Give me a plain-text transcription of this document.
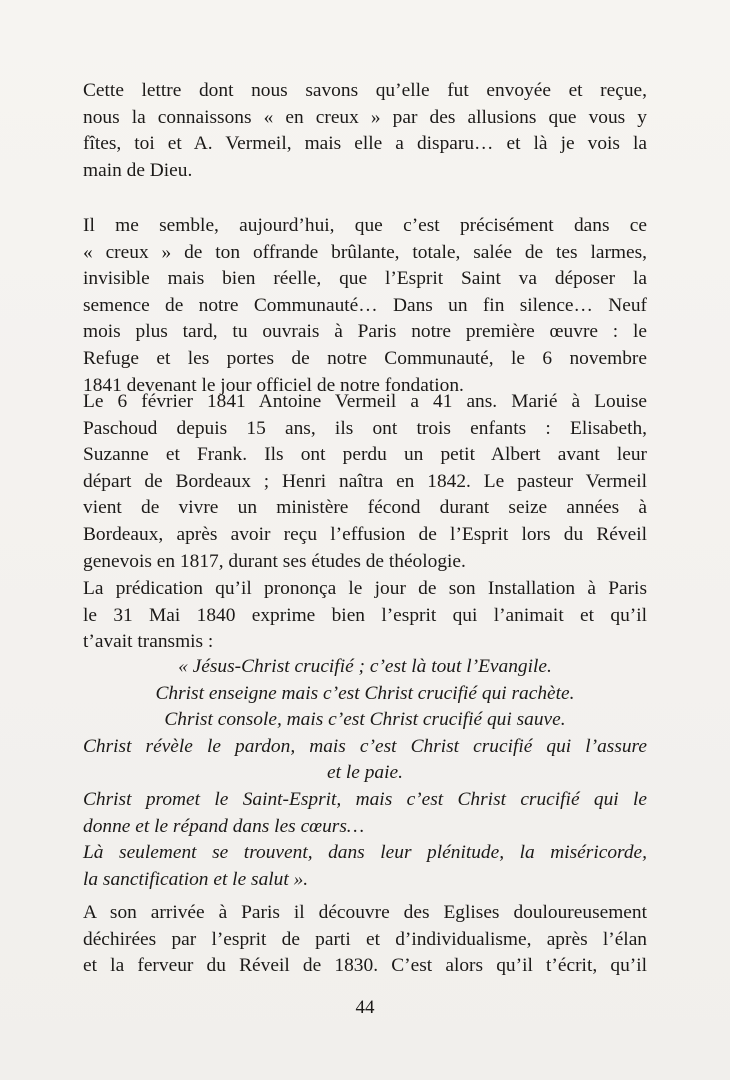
Cette lettre dont nous savons qu’elle fut envoyée et reçue,
nous la connaissons « en creux » par des allusions que vous y
fîtes, toi et A. Vermeil, mais elle a disparu… et là je vois la
main de Dieu.
Il me semble, aujourd’hui, que c’est précisément dans ce
« creux » de ton offrande brûlante, totale, salée de tes larmes,
invisible mais bien réelle, que l’Esprit Saint va déposer la
semence de notre Communauté… Dans un fin silence… Neuf
mois plus tard, tu ouvrais à Paris notre première œuvre : le
Refuge et les portes de notre Communauté, le 6 novembre
1841 devenant le jour officiel de notre fondation.
Le 6 février 1841 Antoine Vermeil a 41 ans. Marié à Louise
Paschoud depuis 15 ans, ils ont trois enfants : Elisabeth,
Suzanne et Frank. Ils ont perdu un petit Albert avant leur
départ de Bordeaux ; Henri naîtra en 1842. Le pasteur Vermeil
vient de vivre un ministère fécond durant seize années à
Bordeaux, après avoir reçu l’effusion de l’Esprit lors du Réveil
genevois en 1817, durant ses études de théologie.
La prédication qu’il prononça le jour de son Installation à Paris
le 31 Mai 1840 exprime bien l’esprit qui l’animait et qu’il
t’avait transmis :
« Jésus-Christ crucifié ; c’est là tout l’Evangile.
Christ enseigne mais c’est Christ crucifié qui rachète.
Christ console, mais c’est Christ crucifié qui sauve.
Christ révèle le pardon, mais c’est Christ crucifié qui l’assure
et le paie.
Christ promet le Saint-Esprit, mais c’est Christ crucifié qui le
donne et le répand dans les cœurs…
Là seulement se trouvent, dans leur plénitude, la miséricorde,
la sanctification et le salut ».
A son arrivée à Paris il découvre des Eglises douloureusement
déchirées par l’esprit de parti et d’individualisme, après l’élan
et la ferveur du Réveil de 1830. C’est alors qu’il t’écrit, qu’il
44
